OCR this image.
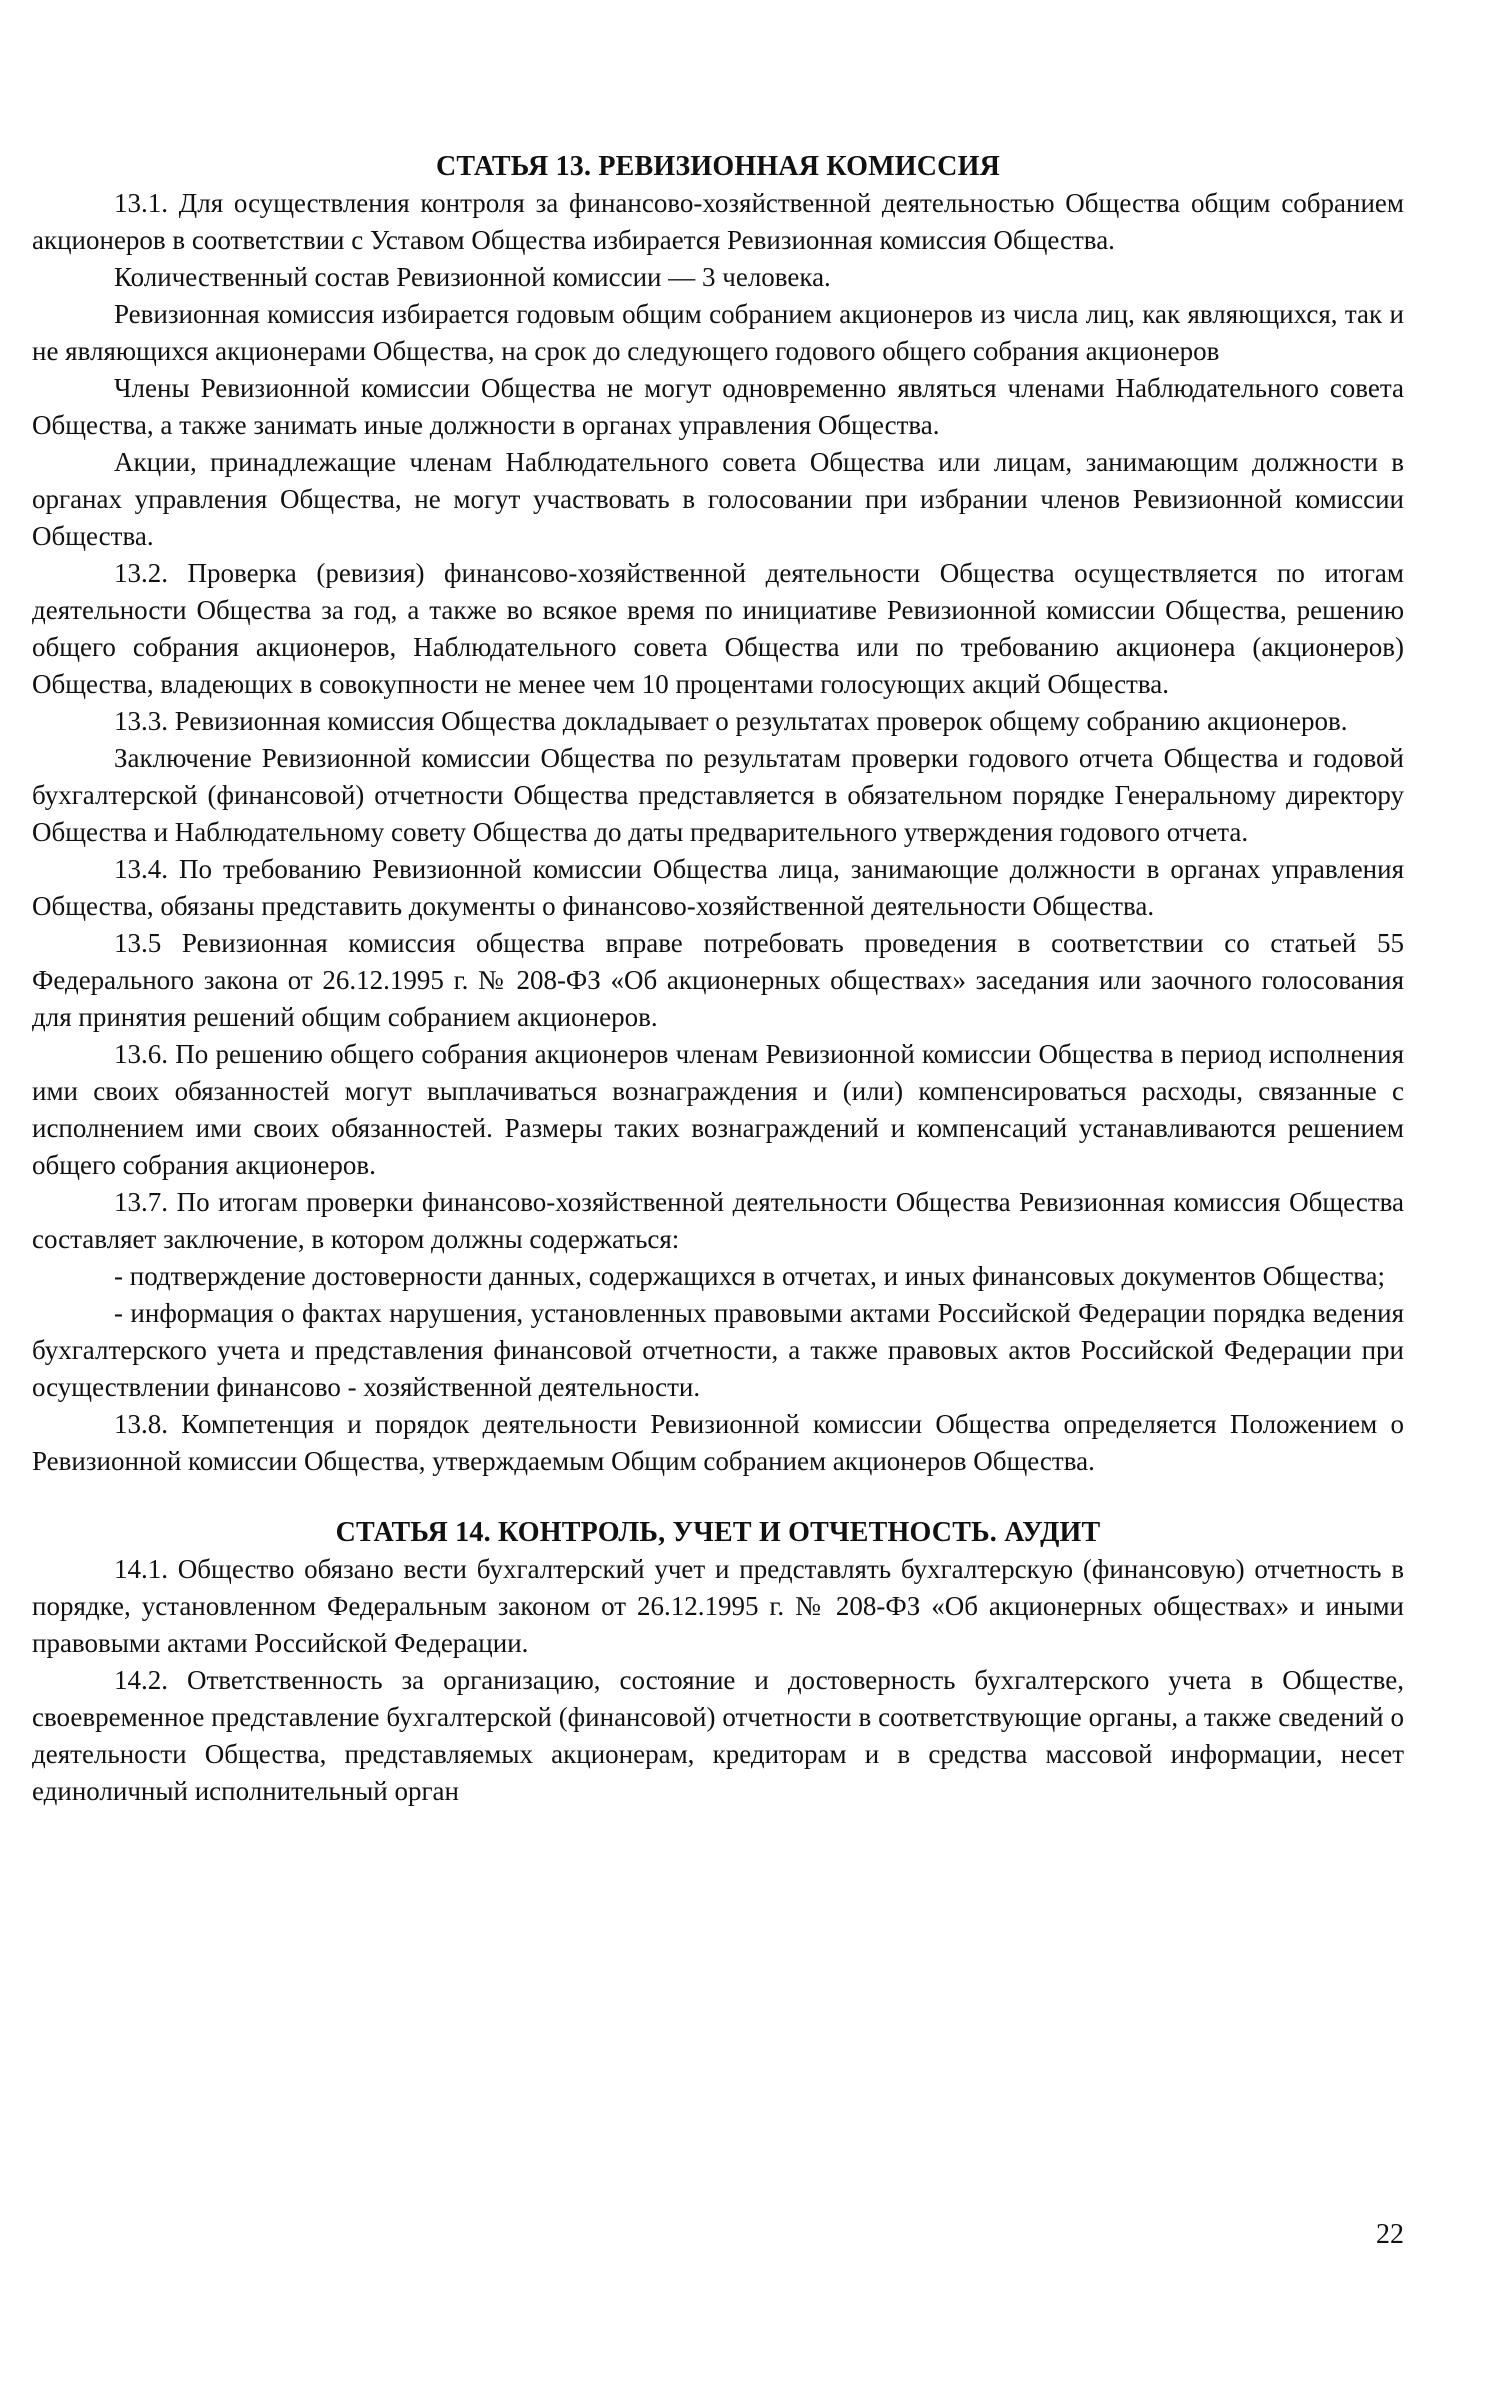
СТАТЬЯ 13. РЕВИЗИОННАЯ КОМИССИЯ

13.1. Для осуществления контроля за финансово-хозяйственной деятельностью Общества общим собранием акционеров в соответствии с Уставом Общества избирается Ревизионная комиссия Общества.

Количественный состав Ревизионной комиссии — 3 человека.

Ревизионная комиссия избирается годовым общим собранием акционеров из числа лиц, как являющихся, так и не являющихся акционерами Общества, на срок до следующего годового общего собрания акционеров

Члены Ревизионной комиссии Общества не могут одновременно являться членами Наблюдательного совета Общества, а также занимать иные должности в органах управления Общества.

Акции, принадлежащие членам Наблюдательного совета Общества или лицам, занимающим должности в органах управления Общества, не могут участвовать в голосовании при избрании членов Ревизионной комиссии Общества.

13.2. Проверка (ревизия) финансово-хозяйственной деятельности Общества осуществляется по итогам деятельности Общества за год, а также во всякое время по инициативе Ревизионной комиссии Общества, решению общего собрания акционеров, Наблюдательного совета Общества или по требованию акционера (акционеров) Общества, владеющих в совокупности не менее чем 10 процентами голосующих акций Общества.

13.3. Ревизионная комиссия Общества докладывает о результатах проверок общему собранию акционеров.

Заключение Ревизионной комиссии Общества по результатам проверки годового отчета Общества и годовой бухгалтерской (финансовой) отчетности Общества представляется в обязательном порядке Генеральному директору Общества и Наблюдательному совету Общества до даты предварительного утверждения годового отчета.

13.4. По требованию Ревизионной комиссии Общества лица, занимающие должности в органах управления Общества, обязаны представить документы о финансово-хозяйственной деятельности Общества.

13.5 Ревизионная комиссия общества вправе потребовать проведения в соответствии со статьей 55 Федерального закона от 26.12.1995 г. № 208-ФЗ «Об акционерных обществах» заседания или заочного голосования для принятия решений общим собранием акционеров.

13.6. По решению общего собрания акционеров членам Ревизионной комиссии Общества в период исполнения ими своих обязанностей могут выплачиваться вознаграждения и (или) компенсироваться расходы, связанные с исполнением ими своих обязанностей. Размеры таких вознаграждений и компенсаций устанавливаются решением общего собрания акционеров.

13.7. По итогам проверки финансово-хозяйственной деятельности Общества Ревизионная комиссия Общества составляет заключение, в котором должны содержаться:

- подтверждение достоверности данных, содержащихся в отчетах, и иных финансовых документов Общества;

- информация о фактах нарушения, установленных правовыми актами Российской Федерации порядка ведения бухгалтерского учета и представления финансовой отчетности, а также правовых актов Российской Федерации при осуществлении финансово - хозяйственной деятельности.

13.8. Компетенция и порядок деятельности Ревизионной комиссии Общества определяется Положением о Ревизионной комиссии Общества, утверждаемым Общим собранием акционеров Общества.

СТАТЬЯ 14. КОНТРОЛЬ, УЧЕТ И ОТЧЕТНОСТЬ. АУДИТ

14.1. Общество обязано вести бухгалтерский учет и представлять бухгалтерскую (финансовую) отчетность в порядке, установленном Федеральным законом от 26.12.1995 г. № 208-ФЗ «Об акционерных обществах» и иными правовыми актами Российской Федерации.

14.2. Ответственность за организацию, состояние и достоверность бухгалтерского учета в Обществе, своевременное представление бухгалтерской (финансовой) отчетности в соответствующие органы, а также сведений о деятельности Общества, представляемых акционерам, кредиторам и в средства массовой информации, несет единоличный исполнительный орган

22
